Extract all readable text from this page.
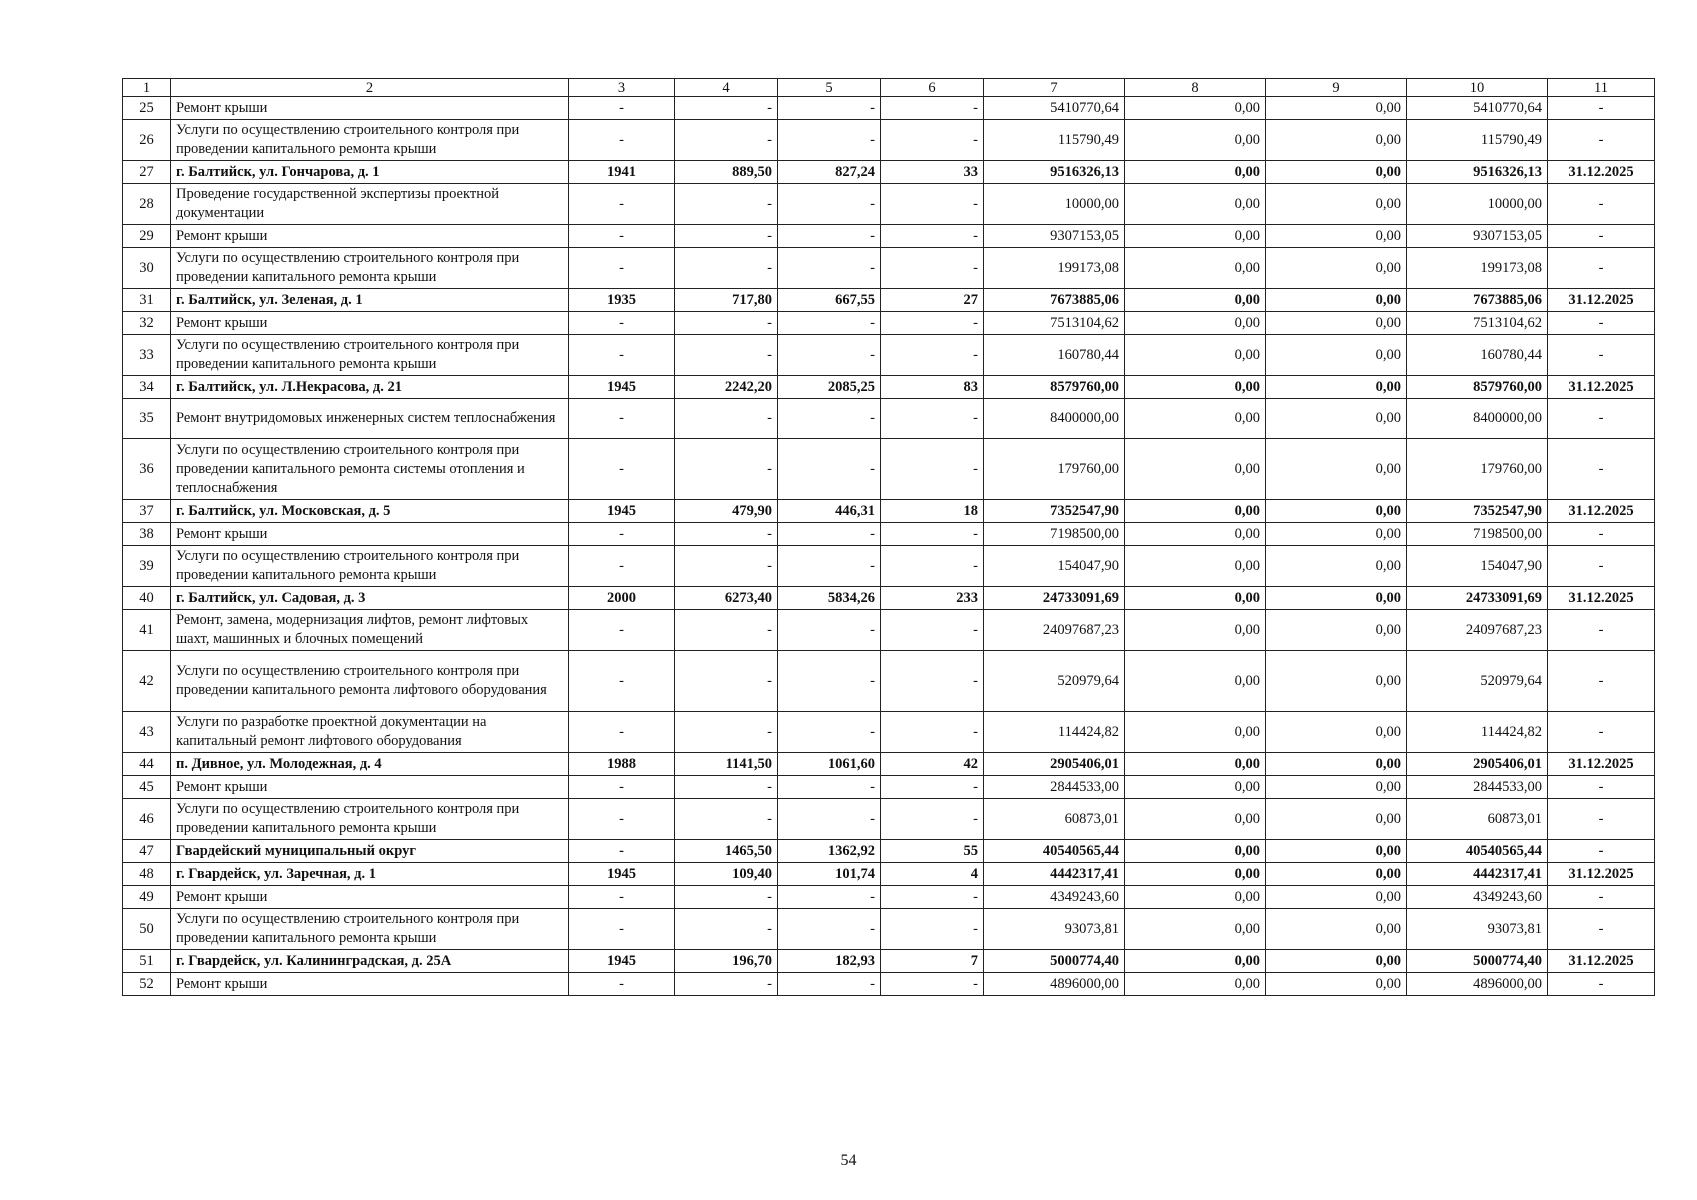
1	2	3	4	5	6	7	8	9	10	11
25	Ремонт крыши	-	-	-	-	5410770,64	0,00	0,00	5410770,64	-
26	Услуги по осуществлению строительного контроля при проведении капитального ремонта крыши	-	-	-	-	115790,49	0,00	0,00	115790,49	-
27	г. Балтийск, ул. Гончарова, д. 1	1941	889,50	827,24	33	9516326,13	0,00	0,00	9516326,13	31.12.2025
28	Проведение государственной экспертизы проектной документации	-	-	-	-	10000,00	0,00	0,00	10000,00	-
29	Ремонт крыши	-	-	-	-	9307153,05	0,00	0,00	9307153,05	-
30	Услуги по осуществлению строительного контроля при проведении капитального ремонта крыши	-	-	-	-	199173,08	0,00	0,00	199173,08	-
31	г. Балтийск, ул. Зеленая, д. 1	1935	717,80	667,55	27	7673885,06	0,00	0,00	7673885,06	31.12.2025
32	Ремонт крыши	-	-	-	-	7513104,62	0,00	0,00	7513104,62	-
33	Услуги по осуществлению строительного контроля при проведении капитального ремонта крыши	-	-	-	-	160780,44	0,00	0,00	160780,44	-
34	г. Балтийск, ул. Л.Некрасова, д. 21	1945	2242,20	2085,25	83	8579760,00	0,00	0,00	8579760,00	31.12.2025
35	Ремонт внутридомовых инженерных систем теплоснабжения	-	-	-	-	8400000,00	0,00	0,00	8400000,00	-
36	Услуги по осуществлению строительного контроля при проведении капитального ремонта системы отопления и теплоснабжения	-	-	-	-	179760,00	0,00	0,00	179760,00	-
37	г. Балтийск, ул. Московская, д. 5	1945	479,90	446,31	18	7352547,90	0,00	0,00	7352547,90	31.12.2025
38	Ремонт крыши	-	-	-	-	7198500,00	0,00	0,00	7198500,00	-
39	Услуги по осуществлению строительного контроля при проведении капитального ремонта крыши	-	-	-	-	154047,90	0,00	0,00	154047,90	-
40	г. Балтийск, ул. Садовая, д. 3	2000	6273,40	5834,26	233	24733091,69	0,00	0,00	24733091,69	31.12.2025
41	Ремонт, замена, модернизация лифтов, ремонт лифтовых шахт, машинных и блочных помещений	-	-	-	-	24097687,23	0,00	0,00	24097687,23	-
42	Услуги по осуществлению строительного контроля при проведении капитального ремонта лифтового оборудования	-	-	-	-	520979,64	0,00	0,00	520979,64	-
43	Услуги по разработке проектной документации на капитальный ремонт лифтового оборудования	-	-	-	-	114424,82	0,00	0,00	114424,82	-
44	п. Дивное, ул. Молодежная, д. 4	1988	1141,50	1061,60	42	2905406,01	0,00	0,00	2905406,01	31.12.2025
45	Ремонт крыши	-	-	-	-	2844533,00	0,00	0,00	2844533,00	-
46	Услуги по осуществлению строительного контроля при проведении капитального ремонта крыши	-	-	-	-	60873,01	0,00	0,00	60873,01	-
47	Гвардейский муниципальный округ	-	1465,50	1362,92	55	40540565,44	0,00	0,00	40540565,44	-
48	г. Гвардейск, ул. Заречная, д. 1	1945	109,40	101,74	4	4442317,41	0,00	0,00	4442317,41	31.12.2025
49	Ремонт крыши	-	-	-	-	4349243,60	0,00	0,00	4349243,60	-
50	Услуги по осуществлению строительного контроля при проведении капитального ремонта крыши	-	-	-	-	93073,81	0,00	0,00	93073,81	-
51	г. Гвардейск, ул. Калининградская, д. 25А	1945	196,70	182,93	7	5000774,40	0,00	0,00	5000774,40	31.12.2025
52	Ремонт крыши	-	-	-	-	4896000,00	0,00	0,00	4896000,00	-
54
